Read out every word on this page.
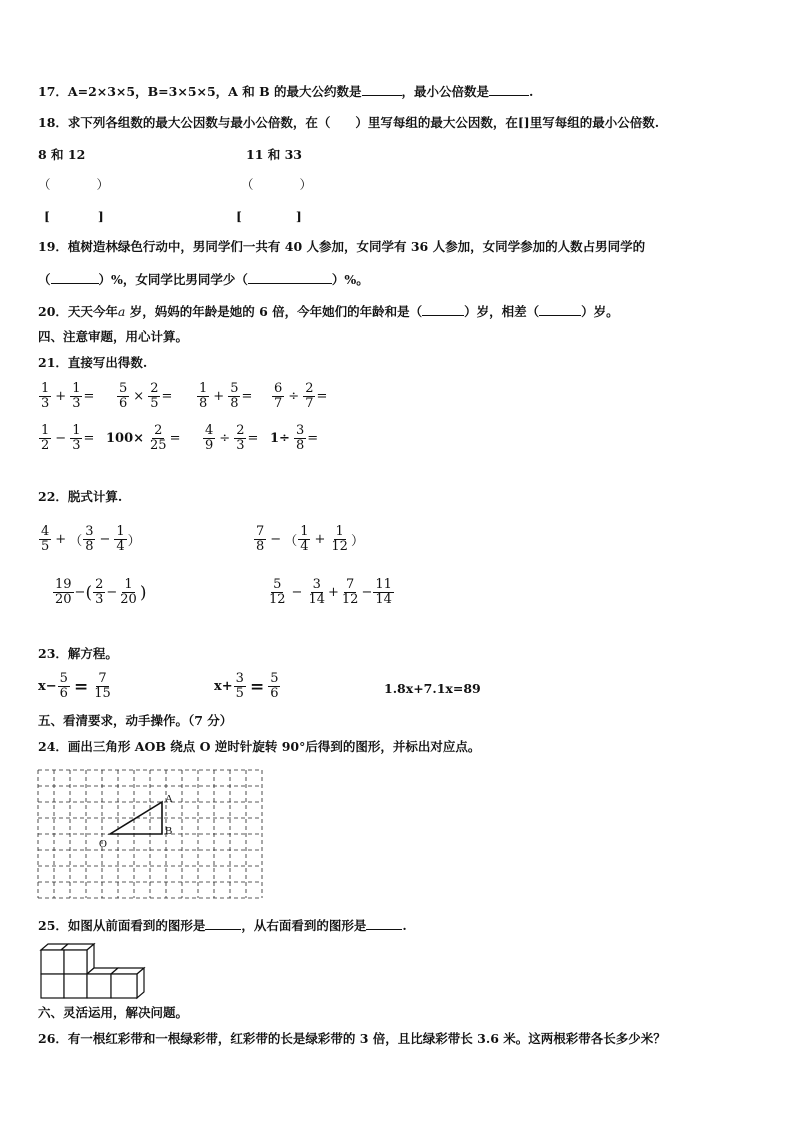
17．A=2×3×5，B=3×5×5，A 和 B 的最大公约数是	，最小公倍数是	.
18．求下列各组数的最大公因数与最小公倍数，在（　　）里写每组的最大公因数，在[]里写每组的最小公倍数.
8 和 12	11 和 33
（	）	（	）
[	]	[	]
19．植树造林绿色行动中，男同学们一共有 40 人参加，女同学有 36 人参加，女同学参加的人数占男同学的
（	）%，女同学比男同学少（	）%。
20．天天今年a 岁，妈妈的年龄是她的 6 倍，今年她们的年龄和是（	）岁，相差（	）岁。
四、注意审题，用心计算。
21．直接写出得数.
$\frac{1}{3} + \frac{1}{3} = \frac{5}{6} \times \frac{2}{5} = \frac{1}{8} + \frac{5}{8} = \frac{6}{7} \div \frac{2}{7}$ =
$\frac{1}{2} - \frac{1}{3} = 100\times \frac{2}{25} = \frac{4}{9} \div \frac{2}{3} = 1\div \frac{3}{8}$ =
22．脱式计算.
$\frac{4}{5}$ + （ $\frac{3}{8} - \frac{1}{4}$ ）	$\frac{7}{8}$ − （ $\frac{1}{4} + \frac{1}{12}$ ）
$\frac{19}{20}$ − ( $\frac{2}{3} - \frac{1}{20}$ )	$\frac{5}{12} - \frac{3}{14} + \frac{7}{12} - \frac{11}{14}$
23．解方程。
$x- \frac{5}{6} = \frac{7}{15}$	$x+ \frac{3}{5} = \frac{5}{6}$	1.8x+7.1x=89
五、看清要求，动手操作。（7 分）
24．画出三角形 AOB 绕点 O 逆时针旋转 90°后得到的图形，并标出对应点。
A
B
O
25．如图从前面看到的图形是	，从右面看到的图形是	.
六、灵活运用，解决问题。
26．有一根红彩带和一根绿彩带，红彩带的长是绿彩带的 3 倍，且比绿彩带长 3.6 米。这两根彩带各长多少米？
